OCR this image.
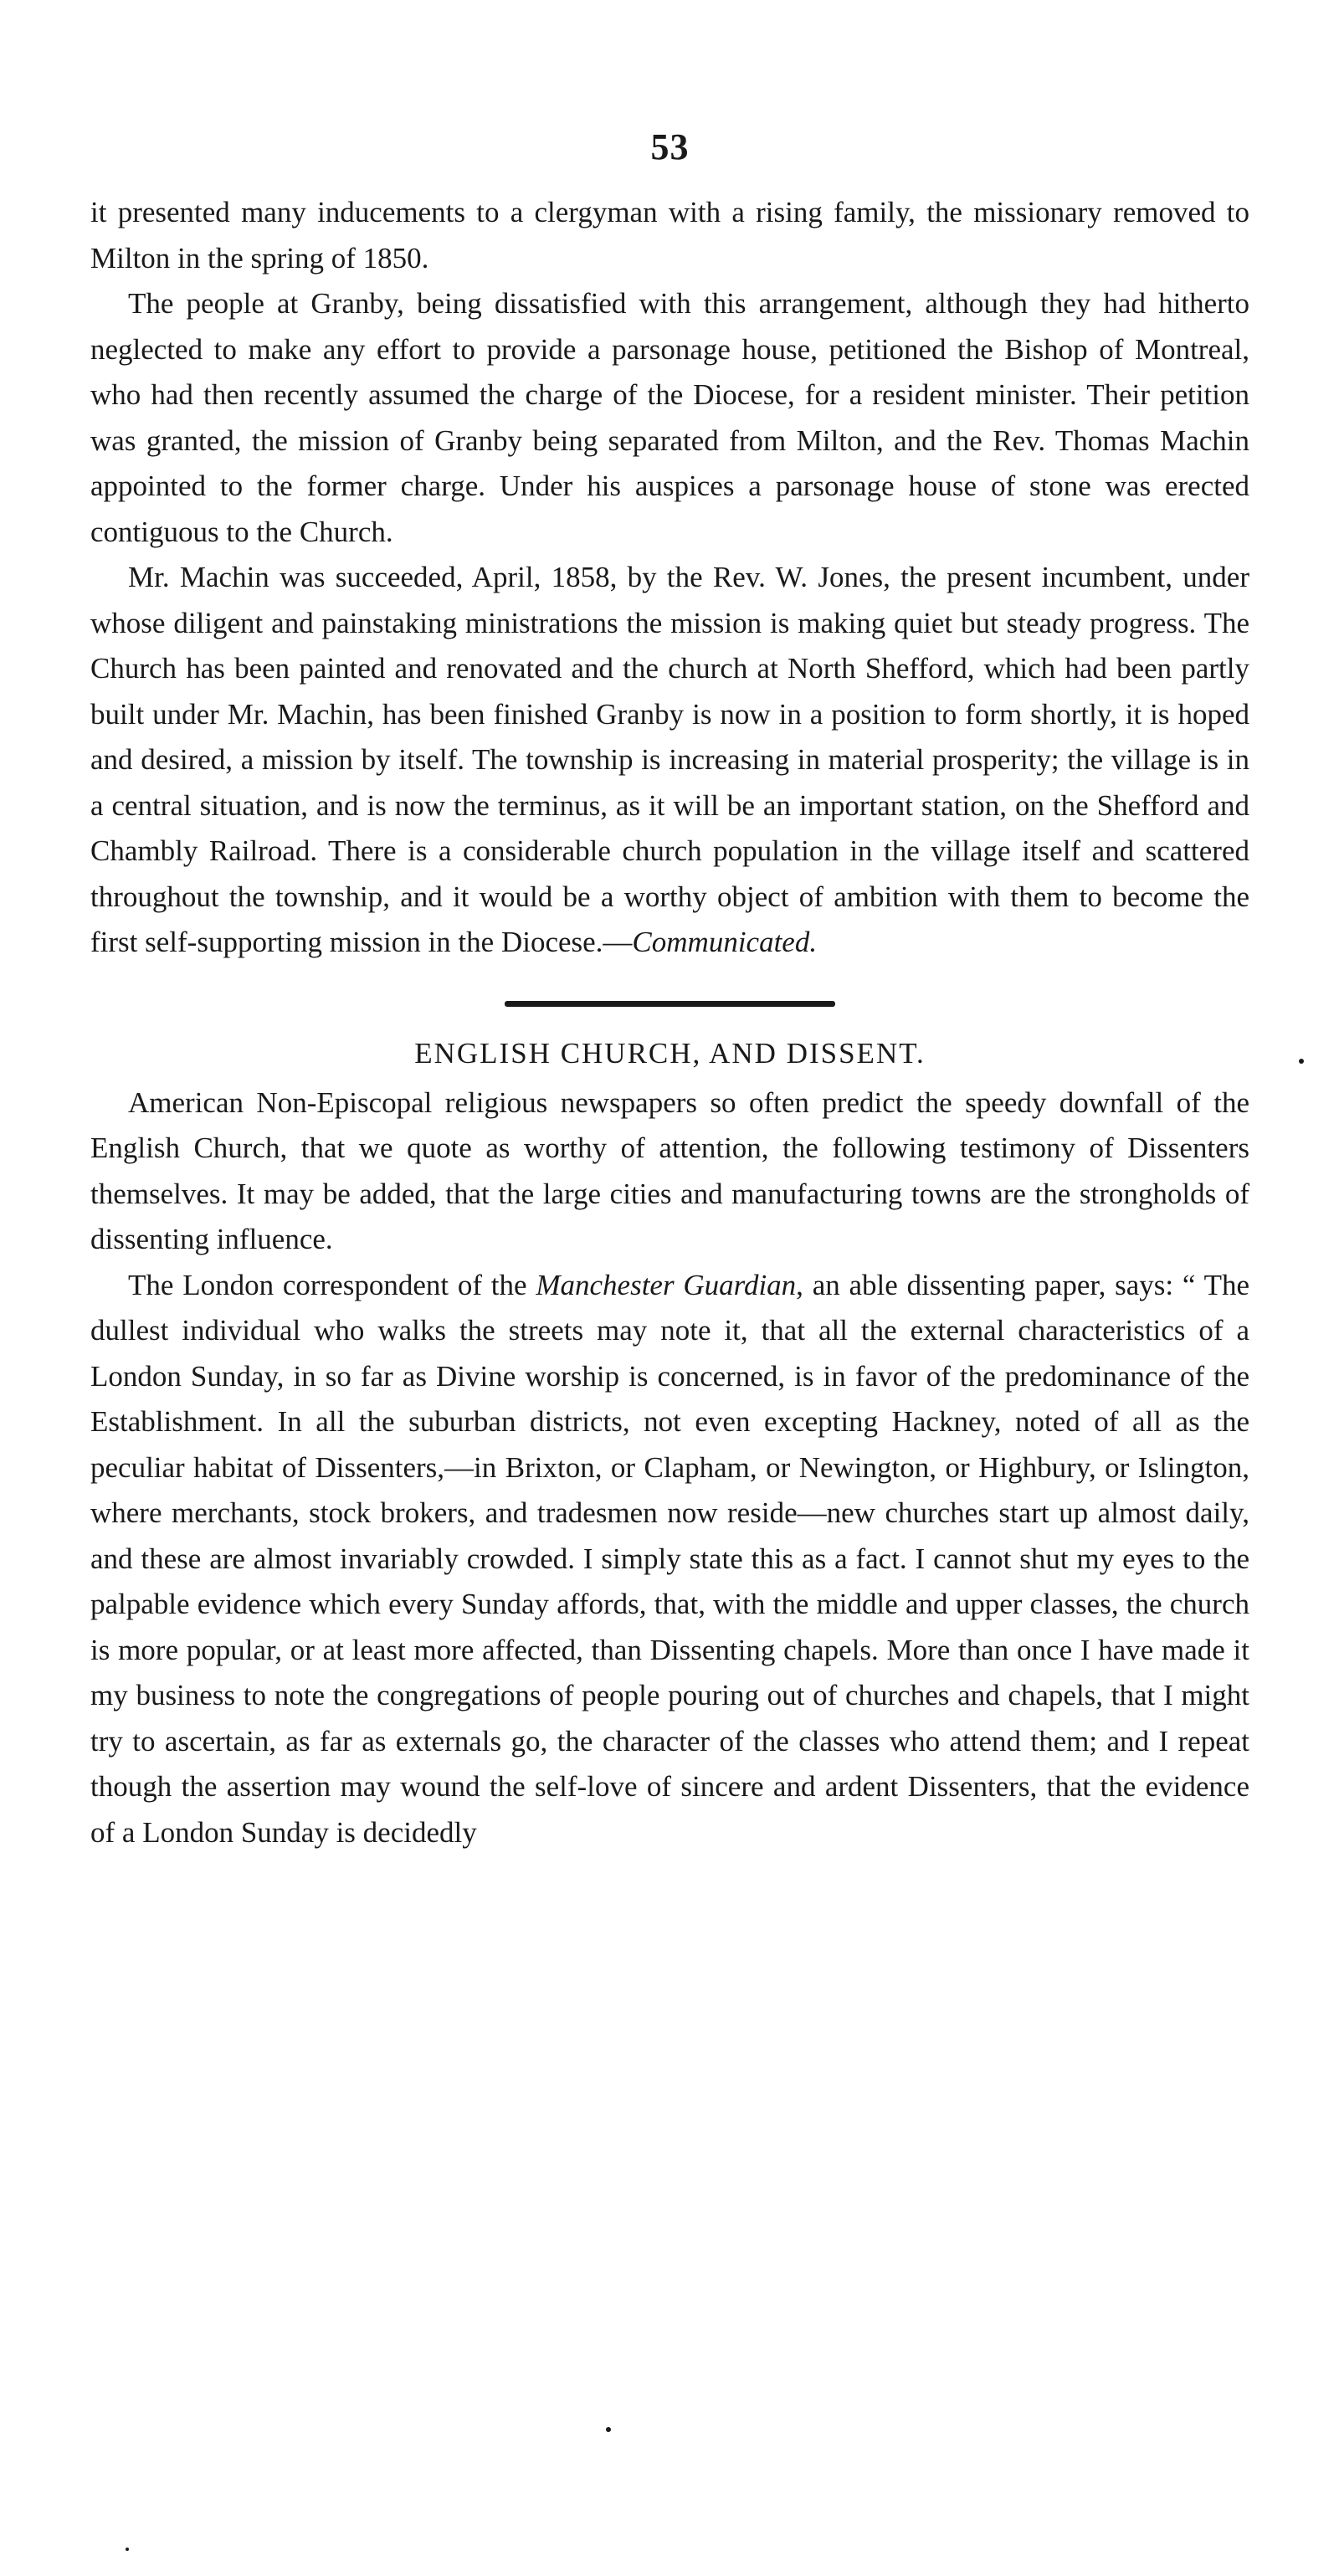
53

it presented many inducements to a clergyman with a rising family, the missionary removed to Milton in the spring of 1850.

The people at Granby, being dissatisfied with this arrangement, although they had hitherto neglected to make any effort to provide a parsonage house, petitioned the Bishop of Montreal, who had then recently assumed the charge of the Diocese, for a resident minister. Their petition was granted, the mission of Granby being separated from Milton, and the Rev. Thomas Machin appointed to the former charge. Under his auspices a parsonage house of stone was erected contiguous to the Church.

Mr. Machin was succeeded, April, 1858, by the Rev. W. Jones, the present incumbent, under whose diligent and painstaking ministrations the mission is making quiet but steady progress. The Church has been painted and renovated and the church at North Shefford, which had been partly built under Mr. Machin, has been finished Granby is now in a position to form shortly, it is hoped and desired, a mission by itself. The township is increasing in material prosperity; the village is in a central situation, and is now the terminus, as it will be an important station, on the Shefford and Chambly Railroad. There is a considerable church population in the village itself and scattered throughout the township, and it would be a worthy object of ambition with them to become the first self-supporting mission in the Diocese.—Communicated.

ENGLISH CHURCH, AND DISSENT.

American Non-Episcopal religious newspapers so often predict the speedy downfall of the English Church, that we quote as worthy of attention, the following testimony of Dissenters themselves. It may be added, that the large cities and manufacturing towns are the strongholds of dissenting influence.

The London correspondent of the Manchester Guardian, an able dissenting paper, says: “ The dullest individual who walks the streets may note it, that all the external characteristics of a London Sunday, in so far as Divine worship is concerned, is in favor of the predominance of the Establishment. In all the suburban districts, not even excepting Hackney, noted of all as the peculiar habitat of Dissenters,—in Brixton, or Clapham, or Newington, or Highbury, or Islington, where merchants, stock brokers, and tradesmen now reside—new churches start up almost daily, and these are almost invariably crowded. I simply state this as a fact. I cannot shut my eyes to the palpable evidence which every Sunday affords, that, with the middle and upper classes, the church is more popular, or at least more affected, than Dissenting chapels. More than once I have made it my business to note the congregations of people pouring out of churches and chapels, that I might try to ascertain, as far as externals go, the character of the classes who attend them; and I repeat though the assertion may wound the self-love of sincere and ardent Dissenters, that the evidence of a London Sunday is decidedly
